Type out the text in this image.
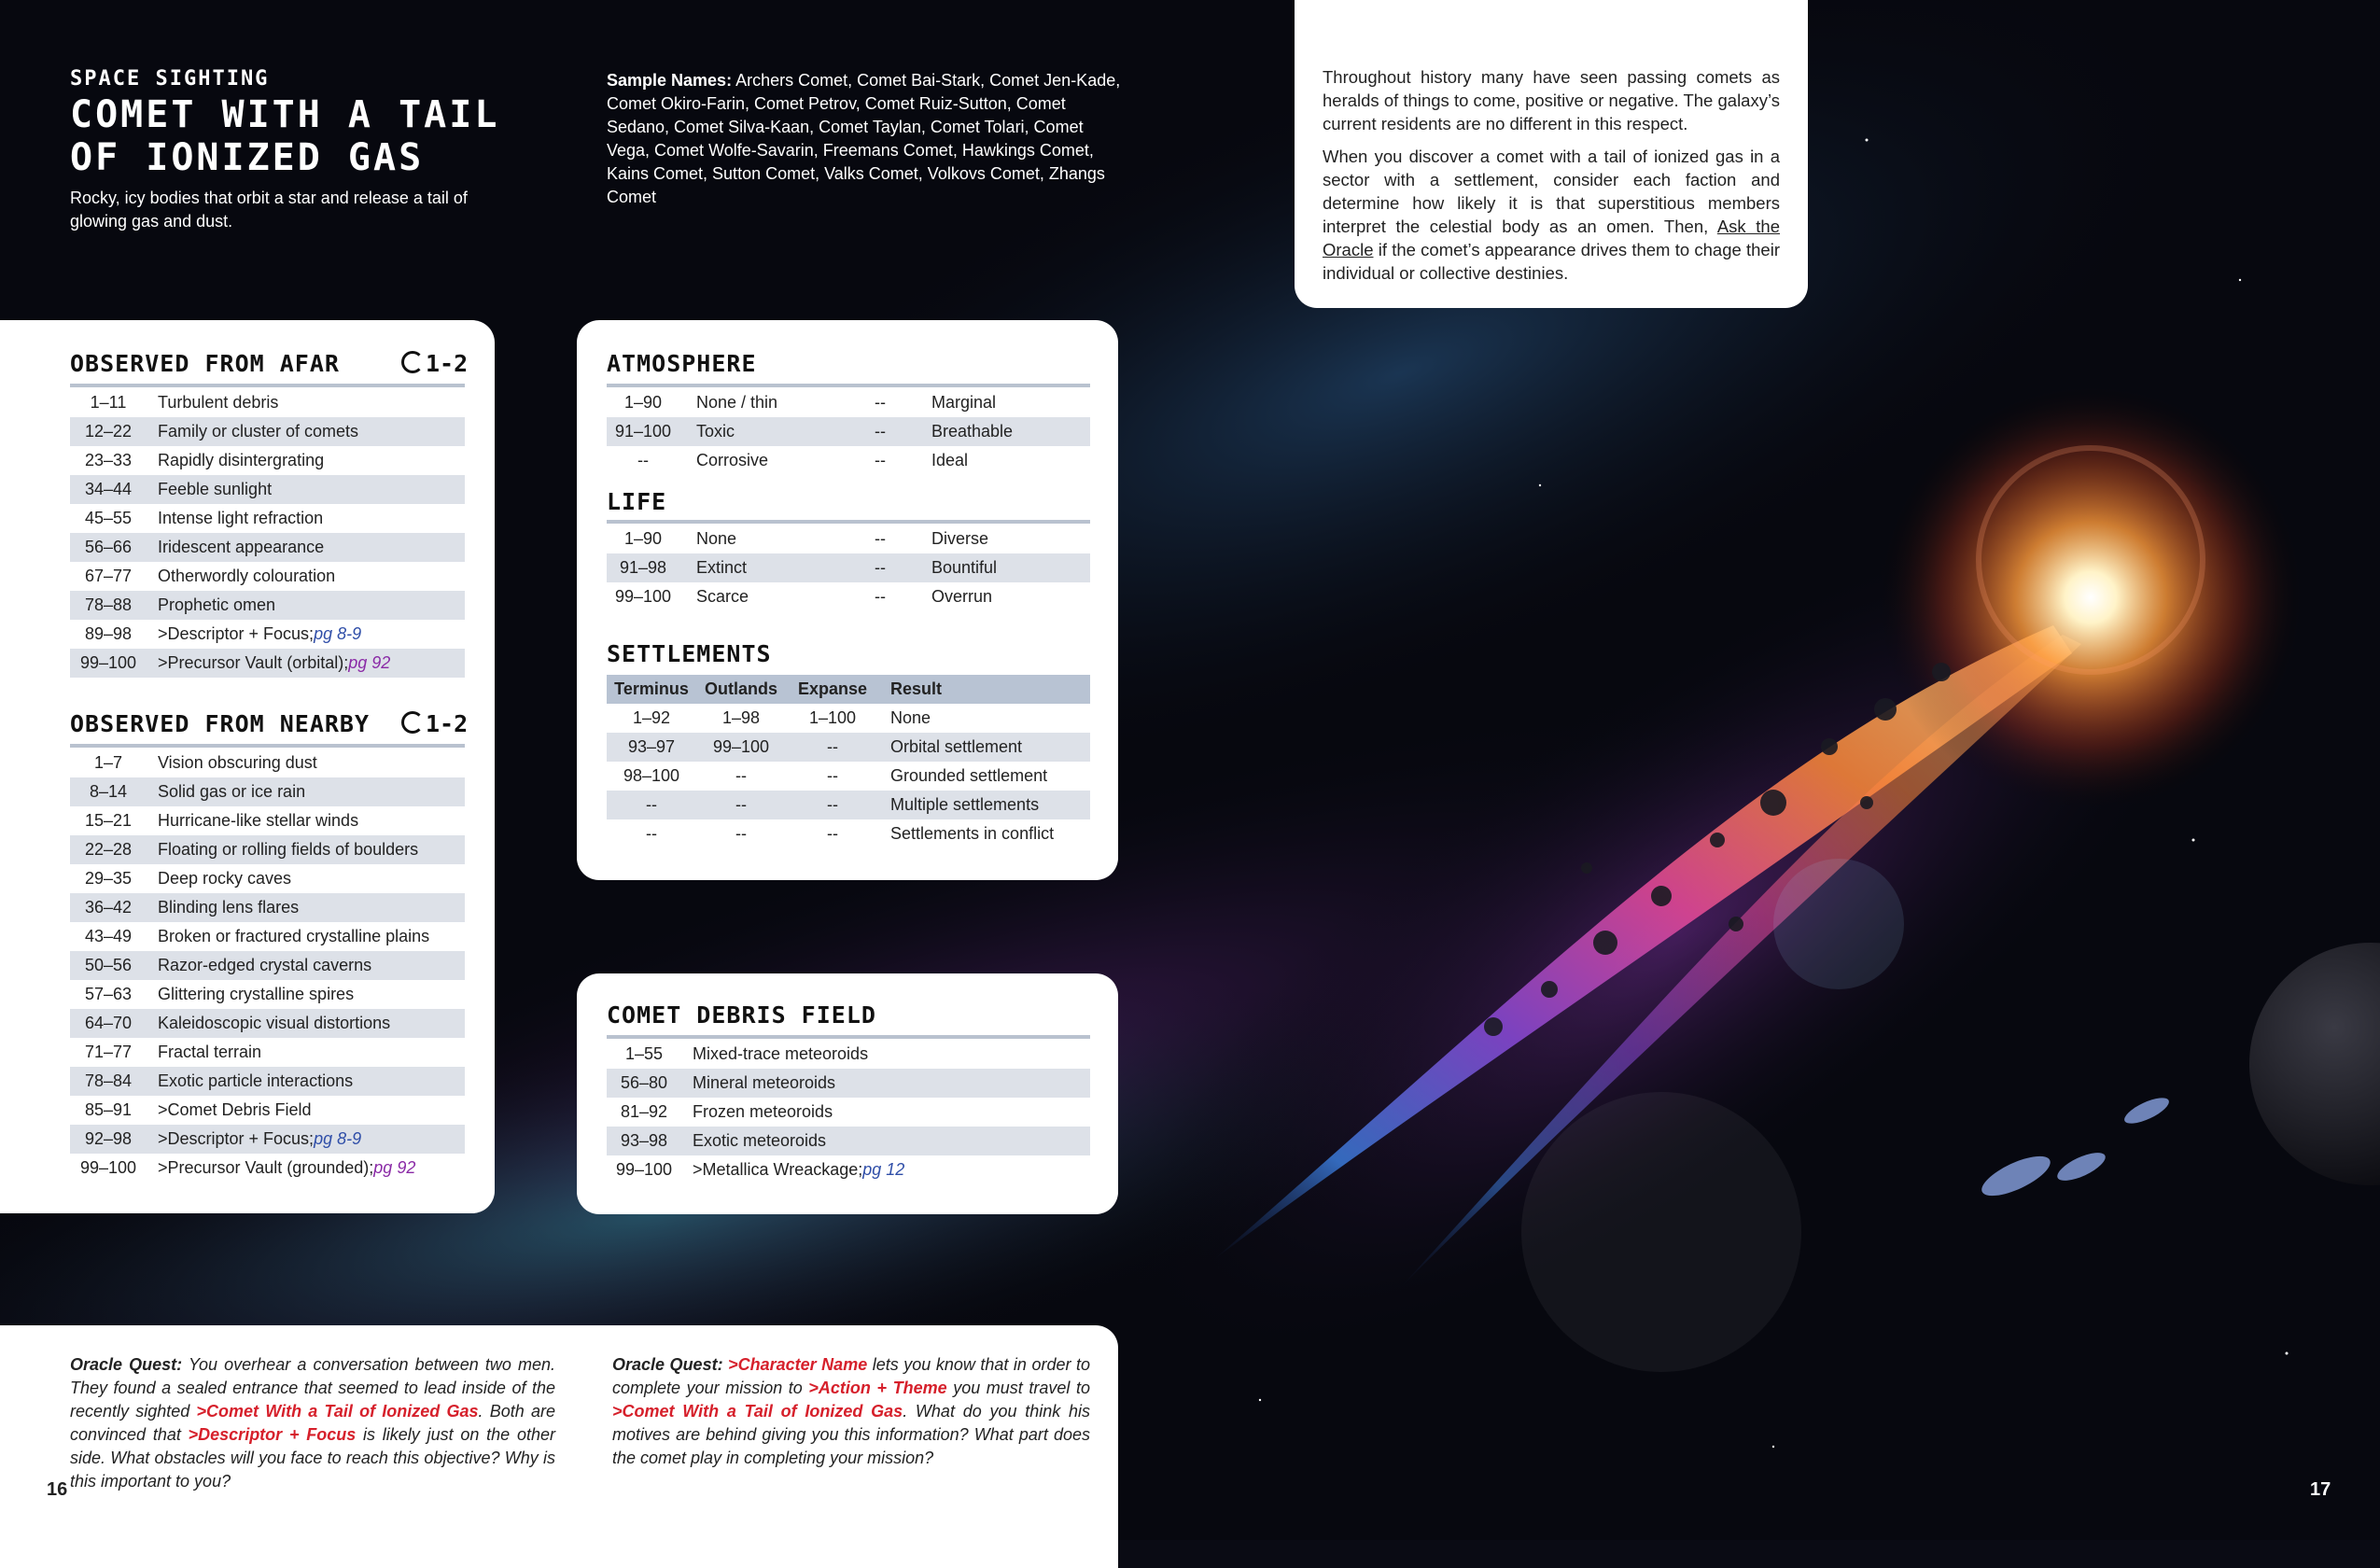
SPACE SIGHTING
COMET WITH A TAIL OF IONIZED GAS
Rocky, icy bodies that orbit a star and release a tail of glowing gas and dust.
Sample Names: Archers Comet, Comet Bai-Stark, Comet Jen-Kade, Comet Okiro-Farin, Comet Petrov, Comet Ruiz-Sutton, Comet Sedano, Comet Silva-Kaan, Comet Taylan, Comet Tolari, Comet Vega, Comet Wolfe-Savarin, Freemans Comet, Hawkings Comet, Kains Comet, Sutton Comet, Valks Comet, Volkovs Comet, Zhangs Comet

Throughout history many have seen passing comets as heralds of things to come, positive or negative. The galaxy’s current residents are no different in this respect.

When you discover a comet with a tail of ionized gas in a sector with a settlement, consider each faction and determine how likely it is that superstitious members interpret the celestial body as an omen. Then, Ask the Oracle if the comet’s appearance drives them to chage their individual or collective destinies.

OBSERVED FROM AFAR	1-2
1–11	Turbulent debris
12–22	Family or cluster of comets
23–33	Rapidly disintergrating
34–44	Feeble sunlight
45–55	Intense light refraction
56–66	Iridescent appearance
67–77	Otherwordly colouration
78–88	Prophetic omen
89–98	>Descriptor + Focus; pg 8-9
99–100	>Precursor Vault (orbital); pg 92
OBSERVED FROM NEARBY	1-2
1–7	Vision obscuring dust
8–14	Solid gas or ice rain
15–21	Hurricane-like stellar winds
22–28	Floating or rolling fields of boulders
29–35	Deep rocky caves
36–42	Blinding lens flares
43–49	Broken or fractured crystalline plains
50–56	Razor-edged crystal caverns
57–63	Glittering crystalline spires
64–70	Kaleidoscopic visual distortions
71–77	Fractal terrain
78–84	Exotic particle interactions
85–91	>Comet Debris Field
92–98	>Descriptor + Focus; pg 8-9
99–100	>Precursor Vault (grounded); pg 92
ATMOSPHERE
1–90	None / thin	--	Marginal
91–100	Toxic	--	Breathable
--	Corrosive	--	Ideal
LIFE
1–90	None	--	Diverse
91–98	Extinct	--	Bountiful
99–100	Scarce	--	Overrun
SETTLEMENTS
Terminus Outlands	Expanse	Result
1–92	1–98	1–100	None
93–97	99–100	--	Orbital settlement
98–100	--	--	Grounded settlement
--	--	--	Multiple settlements
--	--	--	Settlements in conflict
COMET DEBRIS FIELD
1–55	Mixed-trace meteoroids
56–80	Mineral meteoroids
81–92	Frozen meteoroids
93–98	Exotic meteoroids
99–100	>Metallica Wreackage; pg 12
Oracle Quest: You overhear a conversation between two men. They found a sealed entrance that seemed to lead inside of the recently sighted >Comet With a Tail of Ionized Gas. Both are convinced that >Descriptor + Focus is likely just on the other side. What obstacles will you face to reach this objective? Why is this important to you?
Oracle Quest: >Character Name lets you know that in order to complete your mission to >Action + Theme you must travel to >Comet With a Tail of Ionized Gas. What do you think his motives are behind giving you this information? What part does the comet play in completing your mission?
16	17
